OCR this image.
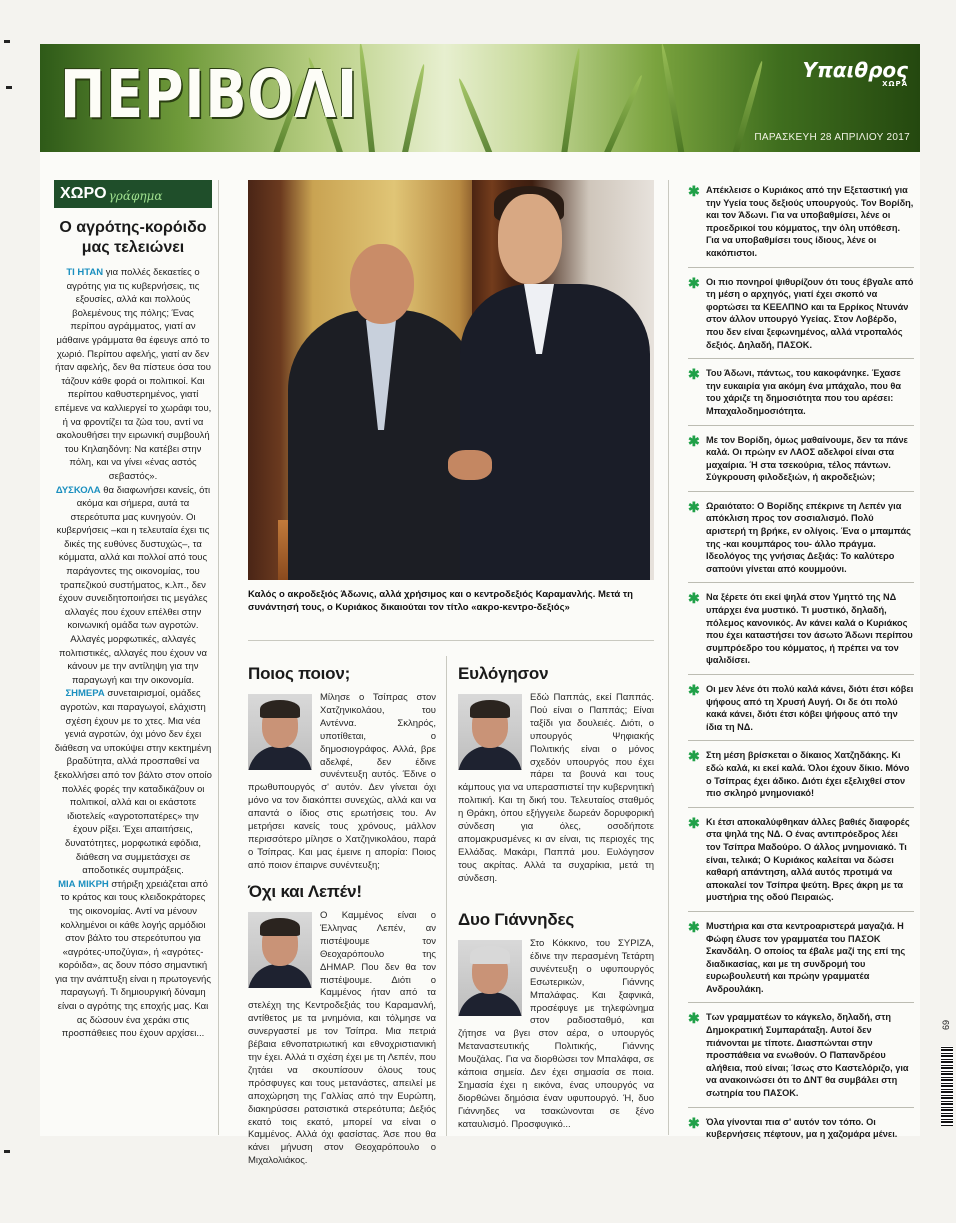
ΠΕΡΙΒΟΛΙ	Υπαιθρος
ΧΩΡΑ
ΠΑΡΑΣΚΕΥΗ 28 ΑΠΡΙΛΙΟΥ 2017
ΧΩΡΟ γράφημα
Ο αγρότης-κορόιδο μας τελειώνει

ΤΙ ΗΤΑΝ για πολλές δεκαετίες ο αγρότης για τις κυβερνήσεις, τις εξουσίες, αλλά και πολλούς βολεμένους της πόλης; Ένας περίπου αγράμματος, γιατί αν μάθαινε γράμματα θα έφευγε από το χωριό. Περίπου αφελής, γιατί αν δεν ήταν αφελής, δεν θα πίστευε όσα του τάζουν κάθε φορά οι πολιτικοί. Και περίπου καθυστερημένος, γιατί επέμενε να καλλιεργεί το χωράφι του, ή να φροντίζει τα ζώα του, αντί να ακολουθήσει την ειρωνική συμβουλή του Κηλαηδόνη: Να κατέβει στην πόλη, και να γίνει «ένας αστός σεβαστός».

ΔΥΣΚΟΛΑ θα διαφωνήσει κανείς, ότι ακόμα και σήμερα, αυτά τα στερεότυπα μας κυνηγούν. Οι κυβερνήσεις –και η τελευταία έχει τις δικές της ευθύνες δυστυχώς–, τα κόμματα, αλλά και πολλοί από τους παράγοντες της οικονομίας, του τραπεζικού συστήματος, κ.λπ., δεν έχουν συνειδητοποιήσει τις μεγάλες αλλαγές που έχουν επέλθει στην κοινωνική ομάδα των αγροτών. Αλλαγές μορφωτικές, αλλαγές πολιτιστικές, αλλαγές που έχουν να κάνουν με την αντίληψη για την παραγωγή και την οικονομία.

ΣΗΜΕΡΑ συνεταιρισμοί, ομάδες αγροτών, και παραγωγοί, ελάχιστη σχέση έχουν με το χτες. Μια νέα γενιά αγροτών, όχι μόνο δεν έχει διάθεση να υποκύψει στην κεκτημένη βραδύτητα, αλλά προσπαθεί να ξεκολλήσει από τον βάλτο στον οποίο πολλές φορές την καταδικάζουν οι πολιτικοί, αλλά και οι εκάστοτε ιδιοτελείς «αγροτοπατέρες» την έχουν ρίξει. Έχει απαιτήσεις, δυνατότητες, μορφωτικά εφόδια, διάθεση να συμμετάσχει σε αποδοτικές συμπράξεις.

ΜΙΑ ΜΙΚΡΗ στήριξη χρειάζεται από το κράτος και τους κλειδοκράτορες της οικονομίας. Αντί να μένουν κολλημένοι οι κάθε λογής αρμόδιοι στον βάλτο του στερεότυπου για «αγρότες-υποζύγια», ή «αγρότες-κορόιδα», ας δουν πόσο σημαντική για την ανάπτυξη είναι η πρωτογενής παραγωγή. Τι δημιουργική δύναμη είναι ο αγρότης της εποχής μας. Και ας δώσουν ένα χεράκι στις προσπάθειες που έχουν αρχίσει...

Καλός ο ακροδεξιός Άδωνις, αλλά χρήσιμος και ο κεντροδεξιός Καραμανλής. Μετά τη συνάντησή τους, ο Κυριάκος δικαιούται τον τίτλο «ακρο-κεντρο-δεξιός»
Ποιος ποιον;
Μίλησε ο Τσίπρας στον Χατζηνικολάου, του Αντέννα. Σκληρός, υποτίθεται, ο δημοσιογράφος. Αλλά, βρε αδελφέ, δεν έδινε συνέντευξη αυτός. Έδινε ο πρωθυπουργός σ' αυτόν. Δεν γίνεται όχι μόνο να τον διακόπτει συνεχώς, αλλά και να απαντά ο ίδιος στις ερωτήσεις του. Αν μετρήσει κανείς τους χρόνους, μάλλον περισσότερο μίλησε ο Χατζηνικολάου, παρά ο Τσίπρας. Και μας έμεινε η απορία: Ποιος από ποιον έπαιρνε συνέντευξη;
Όχι και Λεπέν!
Ο Καμμένος είναι ο Έλληνας Λεπέν, αν πιστέψουμε τον Θεοχαρόπουλο της ΔΗΜΑΡ. Που δεν θα τον πιστέψουμε. Διότι ο Καμμένος ήταν από τα στελέχη της Κεντροδεξιάς του Καραμανλή, αντίθετος με τα μνημόνια, και τόλμησε να συνεργαστεί με τον Τσίπρα. Μια πετριά βέβαια εθνοπατριωτική και εθνοχριστιανική την έχει. Αλλά τι σχέση έχει με τη Λεπέν, που ζητάει να σκουπίσουν όλους τους πρόσφυγες και τους μετανάστες, απειλεί με αποχώρηση της Γαλλίας από την Ευρώπη, διακηρύσσει ρατσιστικά στερεότυπα; Δεξιός εκατό τοις εκατό, μπορεί να είναι ο Καμμένος. Αλλά όχι φασίστας. Άσε που θα κάνει μήνυση στον Θεοχαρόπουλο ο Μιχαλολιάκος.
Ευλόγησον
Εδώ Παππάς, εκεί Παππάς. Πού είναι ο Παππάς; Είναι ταξίδι για δουλειές. Διότι, ο υπουργός Ψηφιακής Πολιτικής είναι ο μόνος σχεδόν υπουργός που έχει πάρει τα βουνά και τους κάμπους για να υπερασπιστεί την κυβερνητική πολιτική. Και τη δική του. Τελευταίος σταθμός η Θράκη, όπου εξήγγειλε δωρεάν δορυφορική σύνδεση για όλες, οσοδήποτε απομακρυσμένες κι αν είναι, τις περιοχές της Ελλάδας. Μακάρι, Παππά μου. Ευλόγησον τους ακρίτας. Αλλά τα συχαρίκια, μετά τη σύνδεση.
Δυο Γιάννηδες
Στο Κόκκινο, του ΣΥΡΙΖΑ, έδινε την περασμένη Τετάρτη συνέντευξη ο υφυπουργός Εσωτερικών, Γιάννης Μπαλάφας. Και ξαφνικά, προσέφυγε με τηλεφώνημα στον ραδιοσταθμό, και ζήτησε να βγει στον αέρα, ο υπουργός Μεταναστευτικής Πολιτικής, Γιάννης Μουζάλας. Για να διορθώσει τον Μπαλάφα, σε κάποια σημεία. Δεν έχει σημασία σε ποια. Σημασία έχει η εικόνα, ένας υπουργός να διορθώνει δημόσια έναν υφυπουργό. Ή, δυο Γιάννηδες να τσακώνονται σε ξένο καταυλισμό. Προσφυγικό...
✱ Απέκλεισε ο Κυριάκος από την Εξεταστική για την Υγεία τους δεξιούς υπουργούς. Τον Βορίδη, και τον Άδωνι. Για να υποβαθμίσει, λένε οι προεδρικοί του κόμματος, την όλη υπόθεση. Για να υποβαθμίσει τους ίδιους, λένε οι κακόπιστοι.
✱ Οι πιο πονηροί ψιθυρίζουν ότι τους έβγαλε από τη μέση ο αρχηγός, γιατί έχει σκοπό να φορτώσει τα ΚΕΕΛΠΝΟ και τα Ερρίκος Ντυνάν στον άλλον υπουργό Υγείας. Στον Λοβέρδο, που δεν είναι ξεφωνημένος, αλλά ντροπαλός δεξιός. Δηλαδή, ΠΑΣΟΚ.
✱ Του Άδωνι, πάντως, του κακοφάνηκε. Έχασε την ευκαιρία για ακόμη ένα μπάχαλο, που θα του χάριζε τη δημοσιότητα που του αρέσει: Μπαχαλοδημοσιότητα.
✱ Με τον Βορίδη, όμως μαθαίνουμε, δεν τα πάνε καλά. Οι πρώην εν ΛΑΟΣ αδελφοί είναι στα μαχαίρια. Ή στα τσεκούρια, τέλος πάντων. Σύγκρουση φιλοδεξιών, ή ακροδεξιών;
✱ Ωραιότατο: Ο Βορίδης επέκρινε τη Λεπέν για απόκλιση προς τον σοσιαλισμό. Πολύ αριστερή τη βρήκε, εν ολίγοις. Ένα ο μπαμπάς της -και κουμπάρος του- άλλο πράγμα. Ιδεολόγος της γνήσιας Δεξιάς: Το καλύτερο σαπούνι γίνεται από κουμμούνι.
✱ Να ξέρετε ότι εκεί ψηλά στον Υμηττό της ΝΔ υπάρχει ένα μυστικό. Τι μυστικό, δηλαδή, πόλεμος κανονικός. Αν κάνει καλά ο Κυριάκος που έχει καταστήσει τον άσωτο Άδωνι περίπου συμπρόεδρο του κόμματος, ή πρέπει να τον ψαλιδίσει.
✱ Οι μεν λένε ότι πολύ καλά κάνει, διότι έτσι κόβει ψήφους από τη Χρυσή Αυγή. Οι δε ότι πολύ κακά κάνει, διότι έτσι κόβει ψήφους από την ίδια τη ΝΔ.
✱ Στη μέση βρίσκεται ο δίκαιος Χατζηδάκης. Κι εδώ καλά, κι εκεί καλά. Όλοι έχουν δίκιο. Μόνο ο Τσίπρας έχει άδικο. Διότι έχει εξελιχθεί στον πιο σκληρό μνημονιακό!
✱ Κι έτσι αποκαλύφθηκαν άλλες βαθιές διαφορές στα ψηλά της ΝΔ. Ο ένας αντιπρόεδρος λέει τον Τσίπρα Μαδούρο. Ο άλλος μνημονιακό. Τι είναι, τελικά; Ο Κυριάκος καλείται να δώσει καθαρή απάντηση, αλλά αυτός προτιμά να αποκαλεί τον Τσίπρα ψεύτη. Βρες άκρη με τα μυστήρια της οδού Πειραιώς.
✱ Μυστήρια και στα κεντροαριστερά μαγαζιά. Η Φώφη έλυσε τον γραμματέα του ΠΑΣΟΚ Σκανδάλη. Ο οποίος τα έβαλε μαζί της επί της διαδικασίας, και με τη συνδρομή του ευρωβουλευτή και πρώην γραμματέα Ανδρουλάκη.
✱ Των γραμματέων το κάγκελο, δηλαδή, στη Δημοκρατική Συμπαράταξη. Αυτοί δεν πιάνονται με τίποτε. Διασπώνται στην προσπάθεια να ενωθούν. Ο Παπανδρέου αλήθεια, πού είναι; Ίσως στο Καστελόριζο, για να ανακοινώσει ότι το ΔΝΤ θα συμβάλει στη σωτηρία του ΠΑΣΟΚ.
✱ Όλα γίνονται πια σ' αυτόν τον τόπο. Οι κυβερνήσεις πέφτουν, μα η χαζομάρα μένει.
69
